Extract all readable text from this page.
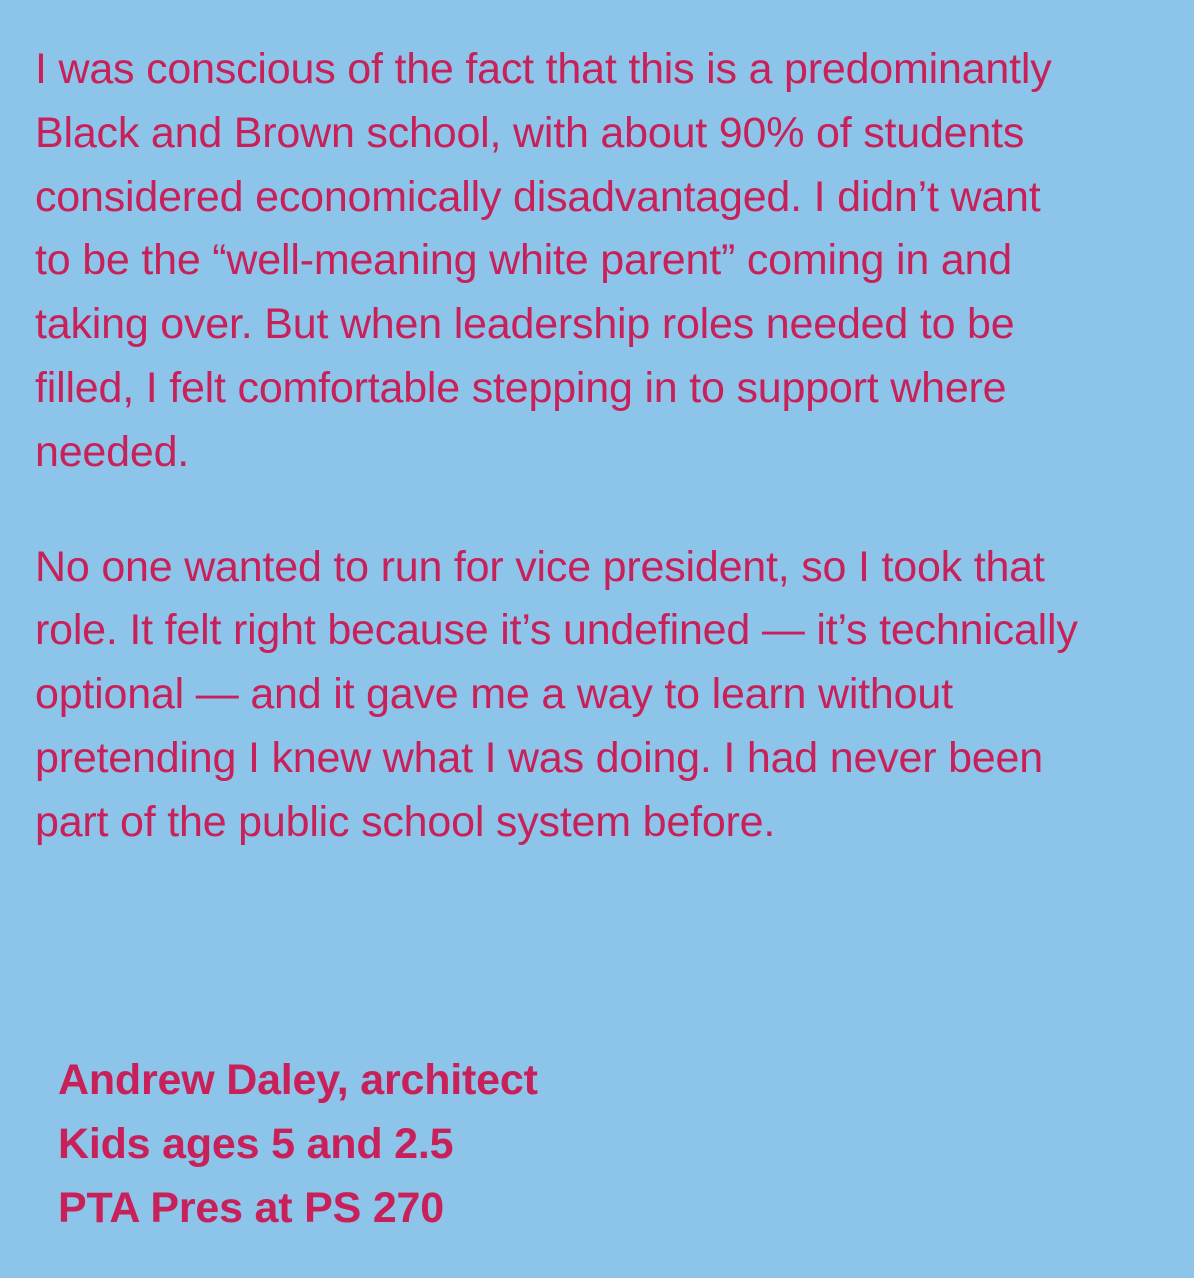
I was conscious of the fact that this is a predominantly
Black and Brown school, with about 90% of students
considered economically disadvantaged. I didn’t want
to be the “well-meaning white parent” coming in and
taking over. But when leadership roles needed to be
filled, I felt comfortable stepping in to support where
needed.

No one wanted to run for vice president, so I took that
role. It felt right because it’s undefined — it’s technically
optional — and it gave me a way to learn without
pretending I knew what I was doing. I had never been
part of the public school system before.

Andrew Daley, architect
Kids ages 5 and 2.5
PTA Pres at PS 270
